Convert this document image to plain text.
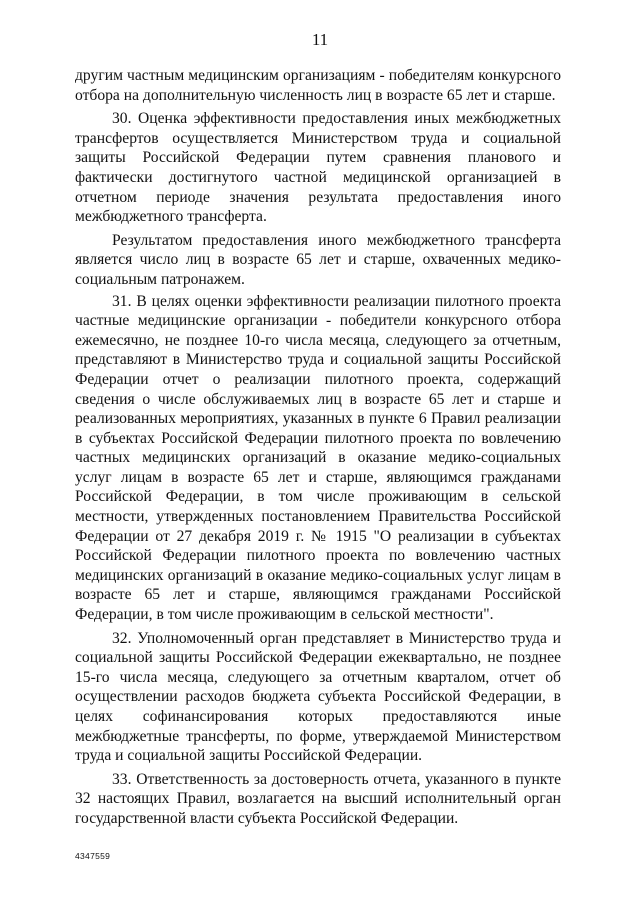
11

другим частным медицинским организациям - победителям конкурсного отбора на дополнительную численность лиц в возрасте 65 лет и старше.

30. Оценка эффективности предоставления иных межбюджетных трансфертов осуществляется Министерством труда и социальной защиты Российской Федерации путем сравнения планового и фактически достигнутого частной медицинской организацией в отчетном периоде значения результата предоставления иного межбюджетного трансферта.

Результатом предоставления иного межбюджетного трансферта является число лиц в возрасте 65 лет и старше, охваченных медико-социальным патронажем.

31. В целях оценки эффективности реализации пилотного проекта частные медицинские организации - победители конкурсного отбора ежемесячно, не позднее 10-го числа месяца, следующего за отчетным, представляют в Министерство труда и социальной защиты Российской Федерации отчет о реализации пилотного проекта, содержащий сведения о числе обслуживаемых лиц в возрасте 65 лет и старше и реализованных мероприятиях, указанных в пункте 6 Правил реализации в субъектах Российской Федерации пилотного проекта по вовлечению частных медицинских организаций в оказание медико-социальных услуг лицам в возрасте 65 лет и старше, являющимся гражданами Российской Федерации, в том числе проживающим в сельской местности, утвержденных постановлением Правительства Российской Федерации от 27 декабря 2019 г. № 1915 "О реализации в субъектах Российской Федерации пилотного проекта по вовлечению частных медицинских организаций в оказание медико-социальных услуг лицам в возрасте 65 лет и старше, являющимся гражданами Российской Федерации, в том числе проживающим в сельской местности".

32. Уполномоченный орган представляет в Министерство труда и социальной защиты Российской Федерации ежеквартально, не позднее 15-го числа месяца, следующего за отчетным кварталом, отчет об осуществлении расходов бюджета субъекта Российской Федерации, в целях софинансирования которых предоставляются иные межбюджетные трансферты, по форме, утверждаемой Министерством труда и социальной защиты Российской Федерации.

33. Ответственность за достоверность отчета, указанного в пункте 32 настоящих Правил, возлагается на высший исполнительный орган государственной власти субъекта Российской Федерации.

4347559
